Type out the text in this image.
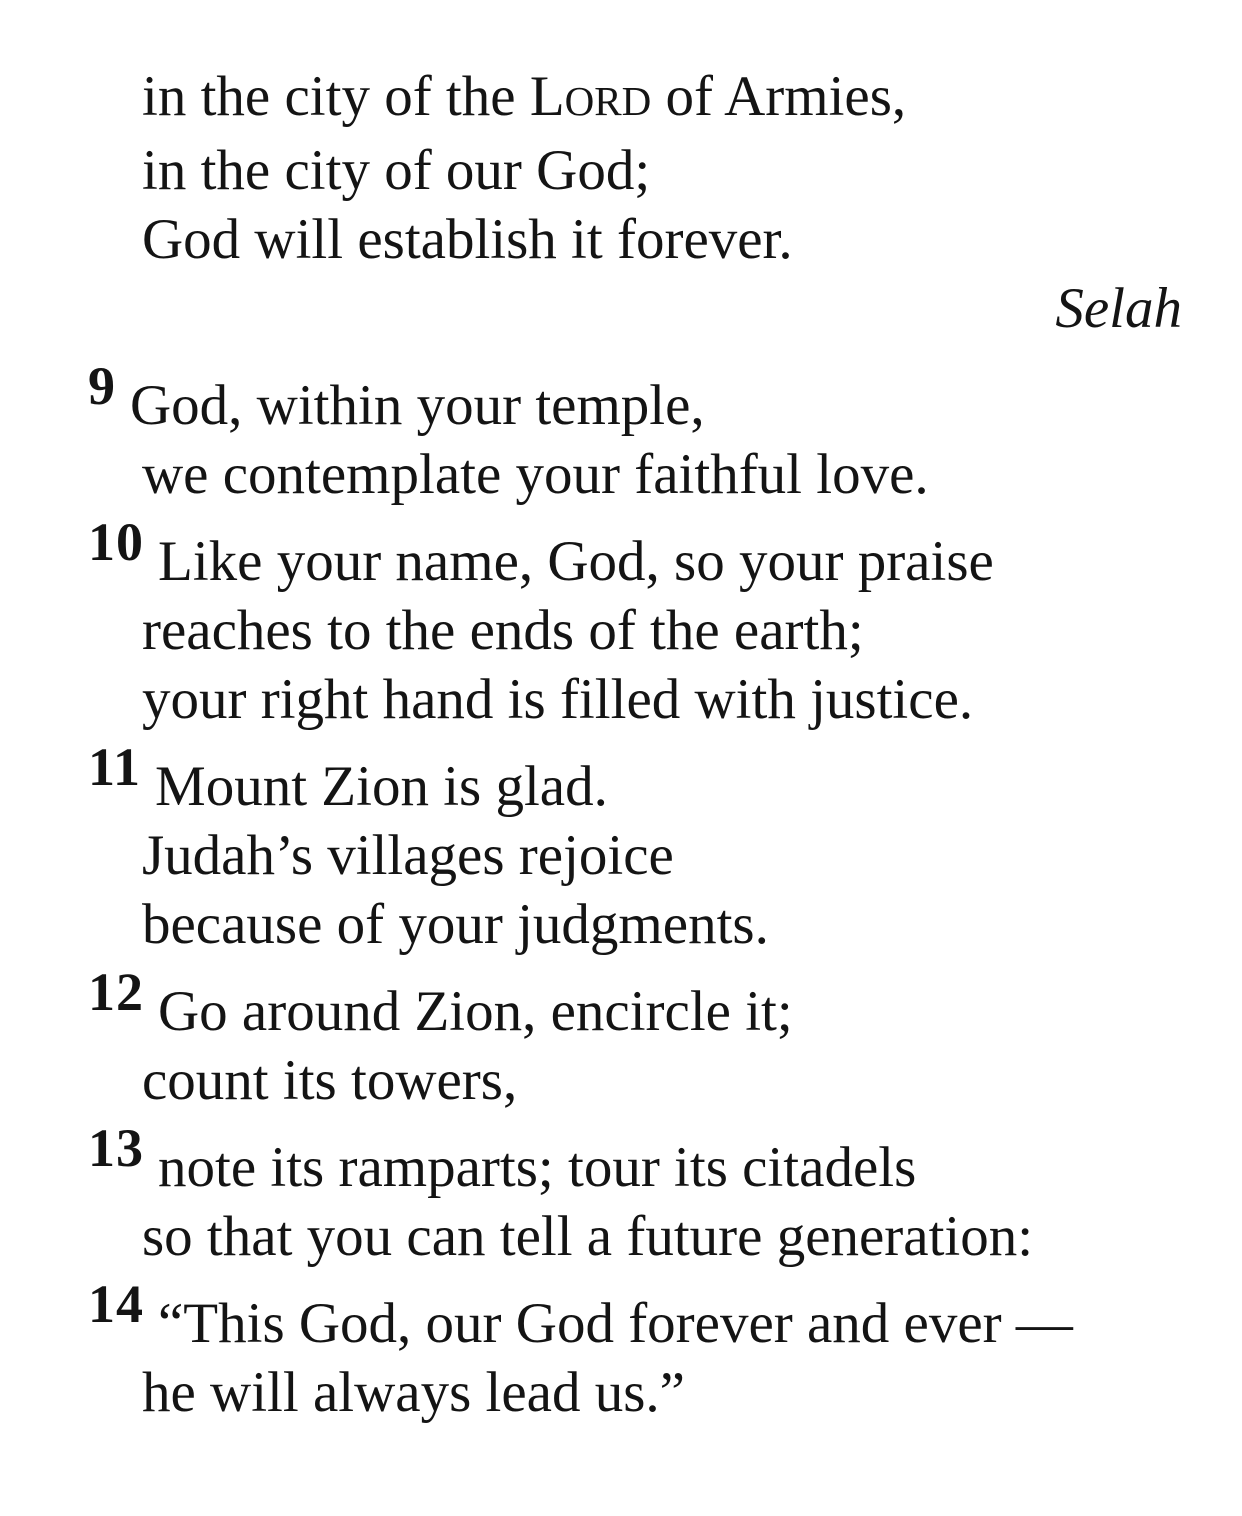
in the city of the LORD of Armies,
in the city of our God;
God will establish it forever.
Selah
9 God, within your temple,
we contemplate your faithful love.
10 Like your name, God, so your praise
reaches to the ends of the earth;
your right hand is filled with justice.
11 Mount Zion is glad.
Judah’s villages rejoice
because of your judgments.
12 Go around Zion, encircle it;
count its towers,
13 note its ramparts; tour its citadels
so that you can tell a future generation:
14 “This God, our God forever and ever —
he will always lead us.”
